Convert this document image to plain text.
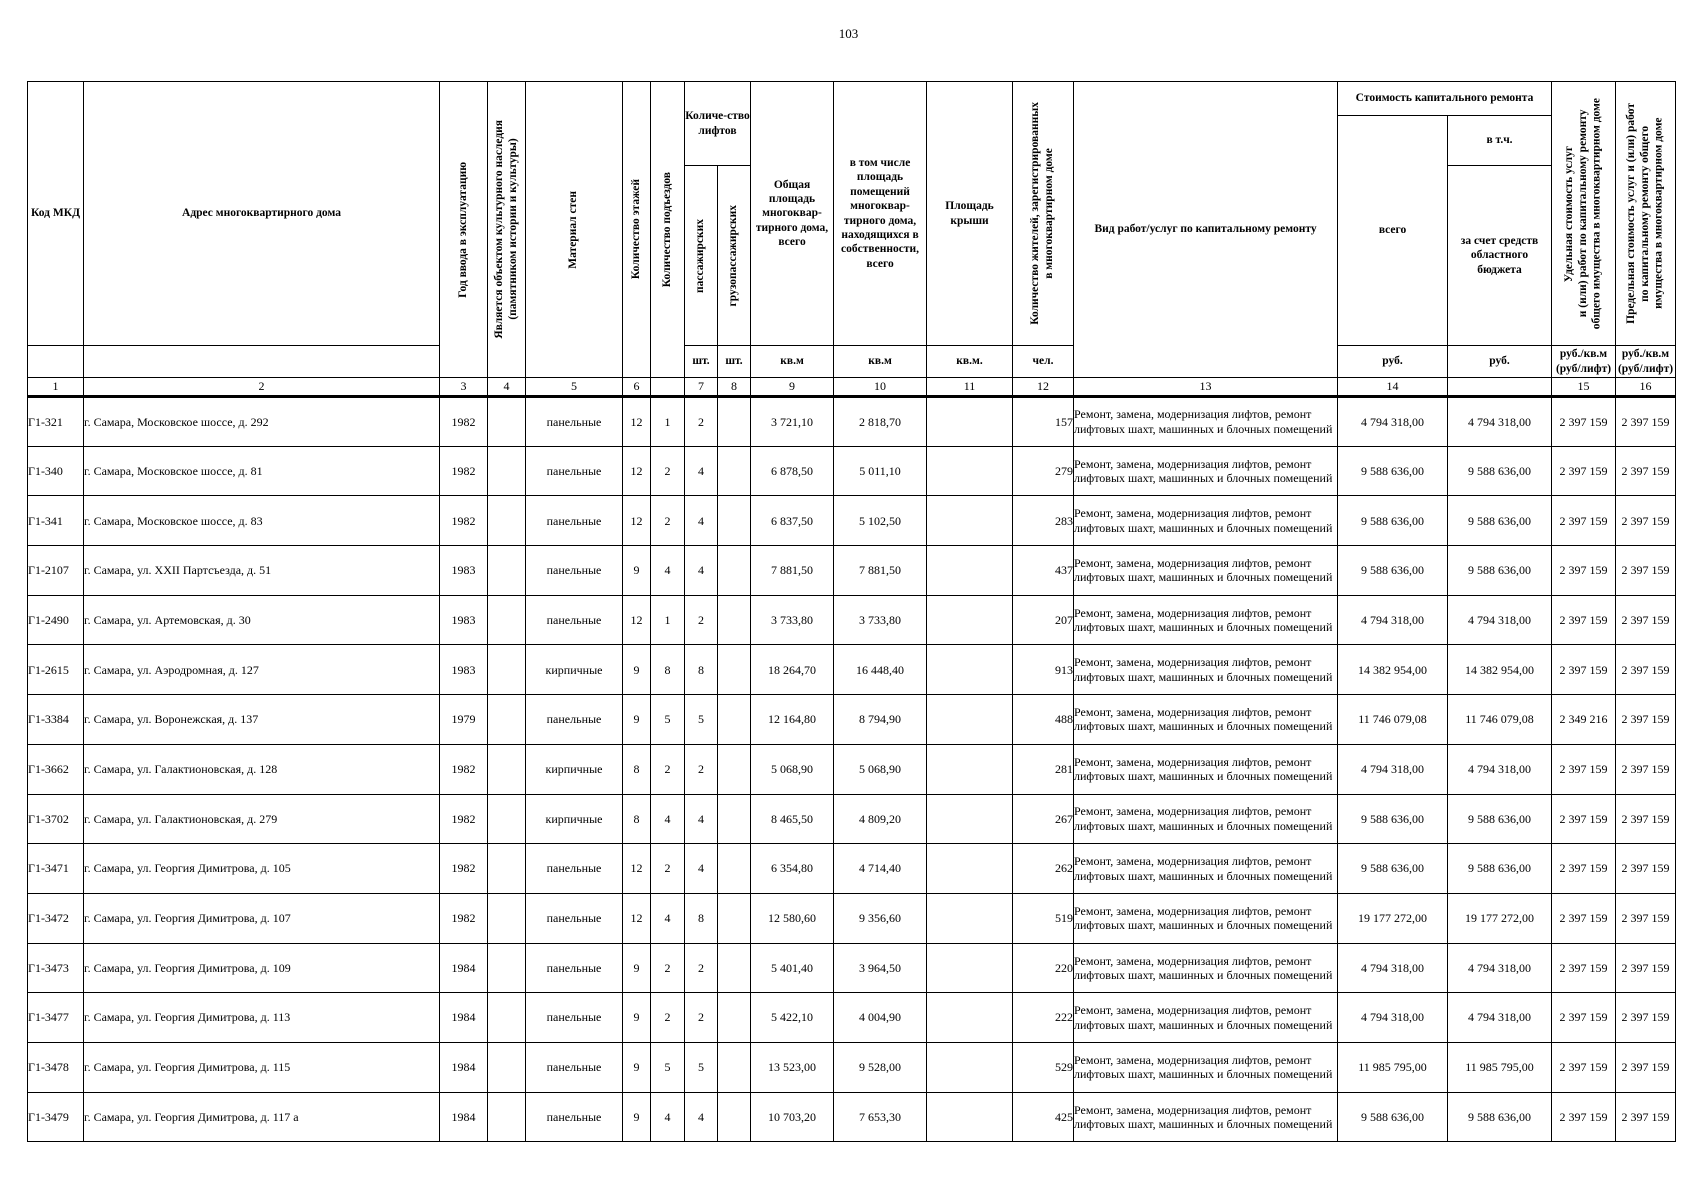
103
Код МКД	Адрес многоквартирного дома	Год ввода в эксплуатацию	Является объектом культурного наследия (памятником истории и культуры)	Материал стен	Количество этажей	Количество подъездов	Количе-ство лифтов		Общая площадь многоквар-тирного дома, всего	в том числе площадь помещений многоквар-тирного дома, находящихся в собственности, всего	Площадь крыши	Количество жителей, зарегистрированных в многоквартирном доме	Вид работ/услуг по капитальному ремонту	Стоимость капитального ремонта		Удельная стоимость услуг и (или) работ по капитальному ремонту общего имущества в многоквартирном доме	Предельная стоимость услуг и (или) работ по капитальному ремонту общего имущества в многоквартирном доме

														всего	в т.ч.		

							пассажирских	грузопассажирских							за счет средств областного бюджета		
							шт.	шт.	кв.м	кв.м	кв.м.	чел.		руб.	руб.	руб./кв.м (руб/лифт)	руб./кв.м (руб/лифт)
1	2	3	4	5	6		7	8	9	10	11	12	13	14		15	16
Г1-321	г. Самара, Московское шоссе, д. 292	1982		панельные	12	1	2		3 721,10	2 818,70		157	Ремонт, замена, модернизация лифтов, ремонт лифтовых шахт, машинных и блочных помещений	4 794 318,00	4 794 318,00	2 397 159	2 397 159
Г1-340	г. Самара, Московское шоссе, д. 81	1982		панельные	12	2	4		6 878,50	5 011,10		279	Ремонт, замена, модернизация лифтов, ремонт лифтовых шахт, машинных и блочных помещений	9 588 636,00	9 588 636,00	2 397 159	2 397 159
Г1-341	г. Самара, Московское шоссе, д. 83	1982		панельные	12	2	4		6 837,50	5 102,50		283	Ремонт, замена, модернизация лифтов, ремонт лифтовых шахт, машинных и блочных помещений	9 588 636,00	9 588 636,00	2 397 159	2 397 159
Г1-2107	г. Самара, ул. XXII Партсъезда, д. 51	1983		панельные	9	4	4		7 881,50	7 881,50		437	Ремонт, замена, модернизация лифтов, ремонт лифтовых шахт, машинных и блочных помещений	9 588 636,00	9 588 636,00	2 397 159	2 397 159
Г1-2490	г. Самара, ул. Артемовская, д. 30	1983		панельные	12	1	2		3 733,80	3 733,80		207	Ремонт, замена, модернизация лифтов, ремонт лифтовых шахт, машинных и блочных помещений	4 794 318,00	4 794 318,00	2 397 159	2 397 159
Г1-2615	г. Самара, ул. Аэродромная, д. 127	1983		кирпичные	9	8	8		18 264,70	16 448,40		913	Ремонт, замена, модернизация лифтов, ремонт лифтовых шахт, машинных и блочных помещений	14 382 954,00	14 382 954,00	2 397 159	2 397 159
Г1-3384	г. Самара, ул. Воронежская, д. 137	1979		панельные	9	5	5		12 164,80	8 794,90		488	Ремонт, замена, модернизация лифтов, ремонт лифтовых шахт, машинных и блочных помещений	11 746 079,08	11 746 079,08	2 349 216	2 397 159
Г1-3662	г. Самара, ул. Галактионовская, д. 128	1982		кирпичные	8	2	2		5 068,90	5 068,90		281	Ремонт, замена, модернизация лифтов, ремонт лифтовых шахт, машинных и блочных помещений	4 794 318,00	4 794 318,00	2 397 159	2 397 159
Г1-3702	г. Самара, ул. Галактионовская, д. 279	1982		кирпичные	8	4	4		8 465,50	4 809,20		267	Ремонт, замена, модернизация лифтов, ремонт лифтовых шахт, машинных и блочных помещений	9 588 636,00	9 588 636,00	2 397 159	2 397 159
Г1-3471	г. Самара, ул. Георгия Димитрова, д. 105	1982		панельные	12	2	4		6 354,80	4 714,40		262	Ремонт, замена, модернизация лифтов, ремонт лифтовых шахт, машинных и блочных помещений	9 588 636,00	9 588 636,00	2 397 159	2 397 159
Г1-3472	г. Самара, ул. Георгия Димитрова, д. 107	1982		панельные	12	4	8		12 580,60	9 356,60		519	Ремонт, замена, модернизация лифтов, ремонт лифтовых шахт, машинных и блочных помещений	19 177 272,00	19 177 272,00	2 397 159	2 397 159
Г1-3473	г. Самара, ул. Георгия Димитрова, д. 109	1984		панельные	9	2	2		5 401,40	3 964,50		220	Ремонт, замена, модернизация лифтов, ремонт лифтовых шахт, машинных и блочных помещений	4 794 318,00	4 794 318,00	2 397 159	2 397 159
Г1-3477	г. Самара, ул. Георгия Димитрова, д. 113	1984		панельные	9	2	2		5 422,10	4 004,90		222	Ремонт, замена, модернизация лифтов, ремонт лифтовых шахт, машинных и блочных помещений	4 794 318,00	4 794 318,00	2 397 159	2 397 159
Г1-3478	г. Самара, ул. Георгия Димитрова, д. 115	1984		панельные	9	5	5		13 523,00	9 528,00		529	Ремонт, замена, модернизация лифтов, ремонт лифтовых шахт, машинных и блочных помещений	11 985 795,00	11 985 795,00	2 397 159	2 397 159
Г1-3479	г. Самара, ул. Георгия Димитрова, д. 117 а	1984		панельные	9	4	4		10 703,20	7 653,30		425	Ремонт, замена, модернизация лифтов, ремонт лифтовых шахт, машинных и блочных помещений	9 588 636,00	9 588 636,00	2 397 159	2 397 159
